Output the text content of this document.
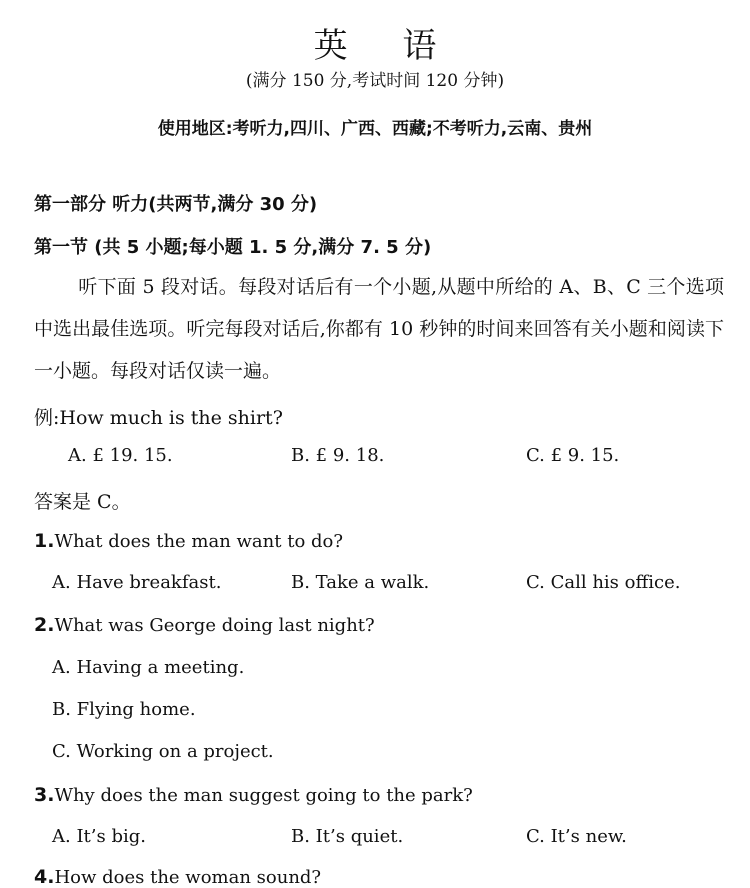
英 语
(满分 150 分,考试时间 120 分钟)
使用地区:考听力,四川、广西、西藏;不考听力,云南、贵州
第一部分 听力(共两节,满分 30 分)
第一节 (共 5 小题;每小题 1. 5 分,满分 7. 5 分)
听下面 5 段对话。每段对话后有一个小题,从题中所给的 A、B、C 三个选项中选出最佳选项。听完每段对话后,你都有 10 秒钟的时间来回答有关小题和阅读下一小题。每段对话仅读一遍。
例:How much is the shirt?
A. £ 19. 15.	B. £ 9. 18.	C. £ 9. 15.
答案是 C。
1.What does the man want to do?
A. Have breakfast.	B. Take a walk.	C. Call his office.
2.What was George doing last night?
A. Having a meeting.
B. Flying home.
C. Working on a project.
3.Why does the man suggest going to the park?
A. It’s big.	B. It’s quiet.	C. It’s new.
4.How does the woman sound?
